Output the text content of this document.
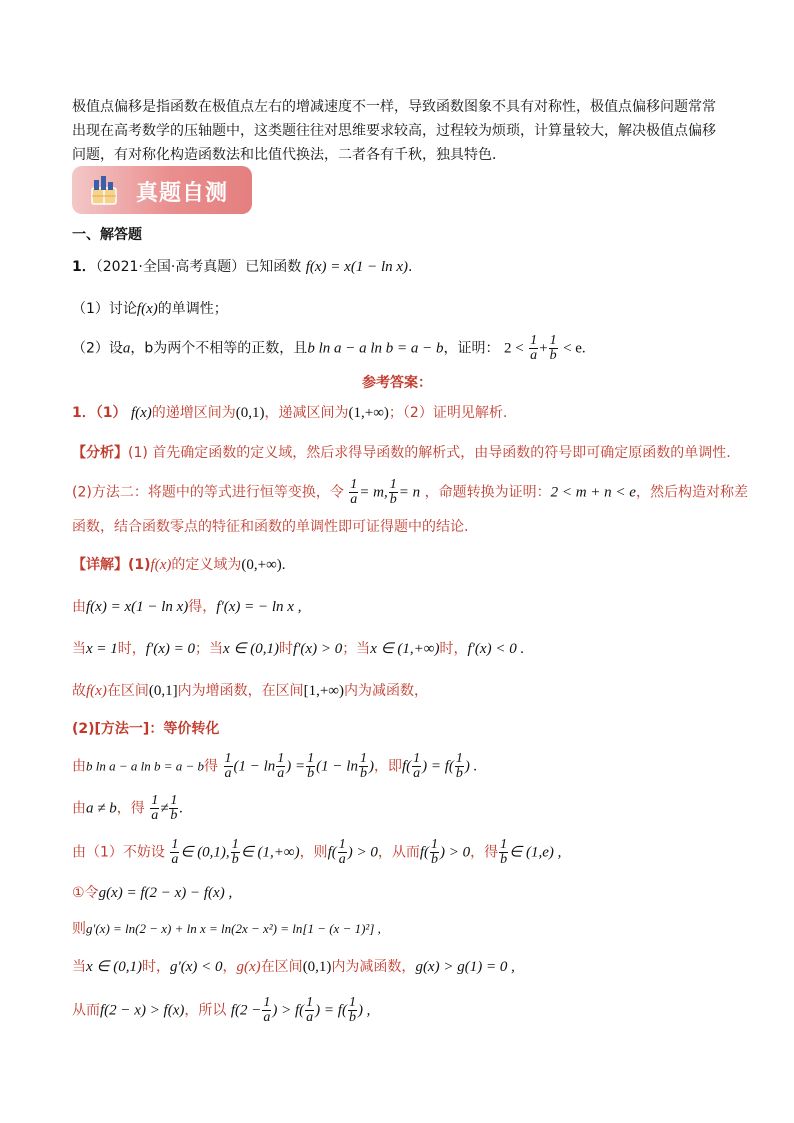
极值点偏移是指函数在极值点左右的增减速度不一样，导致函数图象不具有对称性，极值点偏移问题常常
出现在高考数学的压轴题中，这类题往往对思维要求较高，过程较为烦琐，计算量较大，解决极值点偏移
问题，有对称化构造函数法和比值代换法，二者各有千秋，独具特色．
真题自测
一、解答题
1．（2021·全国·高考真题）已知函数 f(x) = x(1 − ln x).
（1）讨论f(x)的单调性；
（2）设a，b为两个不相等的正数，且b ln a − a ln b = a − b，证明： $2 < \frac{1}{a} + \frac{1}{b} < e$.
参考答案：
1．（1） f(x)的递增区间为(0,1)，递减区间为(1,+∞)；（2）证明见解析.
【分析】(1) 首先确定函数的定义域，然后求得导函数的解析式，由导函数的符号即可确定原函数的单调性.
(2)方法二：将题中的等式进行恒等变换，令 $\frac{1}{a} = m$, $\frac{1}{b} = n$ ，命题转换为证明：2 < m + n < e，然后构造对称差
函数，结合函数零点的特征和函数的单调性即可证得题中的结论.
【详解】(1)f(x)的定义域为(0,+∞).
由f(x) = x(1 − ln x)得，f′(x) = − ln x ,
当x = 1时，f′(x) = 0；当x ∈ (0,1)时f′(x) > 0；当x ∈ (1,+∞)时，f′(x) < 0 .
故f(x)在区间(0,1]内为增函数，在区间[1,+∞)内为减函数，
(2)[方法一]：等价转化
由b ln a − a ln b = a − b得 $\frac{1}{a} (1 - \ln \frac{1}{a}$ ) = $\frac{1}{b} (1 - \ln \frac{1}{b}$ )，即$f( \frac{1}{a}$ ) = $f( \frac{1}{b}$ ) .
由a ≠ b，得 $\frac{1}{a} \ne \frac{1}{b}$ .
由（1）不妨设 $\frac{1}{a}$ ∈ (0,1), $\frac{1}{b}$ ∈ (1,+∞)，则$f( \frac{1}{a}$ ) > 0，从而$f( \frac{1}{b}$ ) > 0，得 $\frac{1}{b}$ ∈ (1,e) ,
①令g(x) = f(2 − x) − f(x) ,
则g′(x) = ln(2 − x) + ln x = ln(2x − x²) = ln[1 − (x − 1)²] ,
当x ∈ (0,1)时，g′(x) < 0，g(x)在区间(0,1)内为减函数，g(x) > g(1) = 0 ,
从而f(2 − x) > f(x)，所以 $f(2 - \frac{1}{a}$ ) > $f( \frac{1}{a}$ ) = $f( \frac{1}{b}$ ) ,
